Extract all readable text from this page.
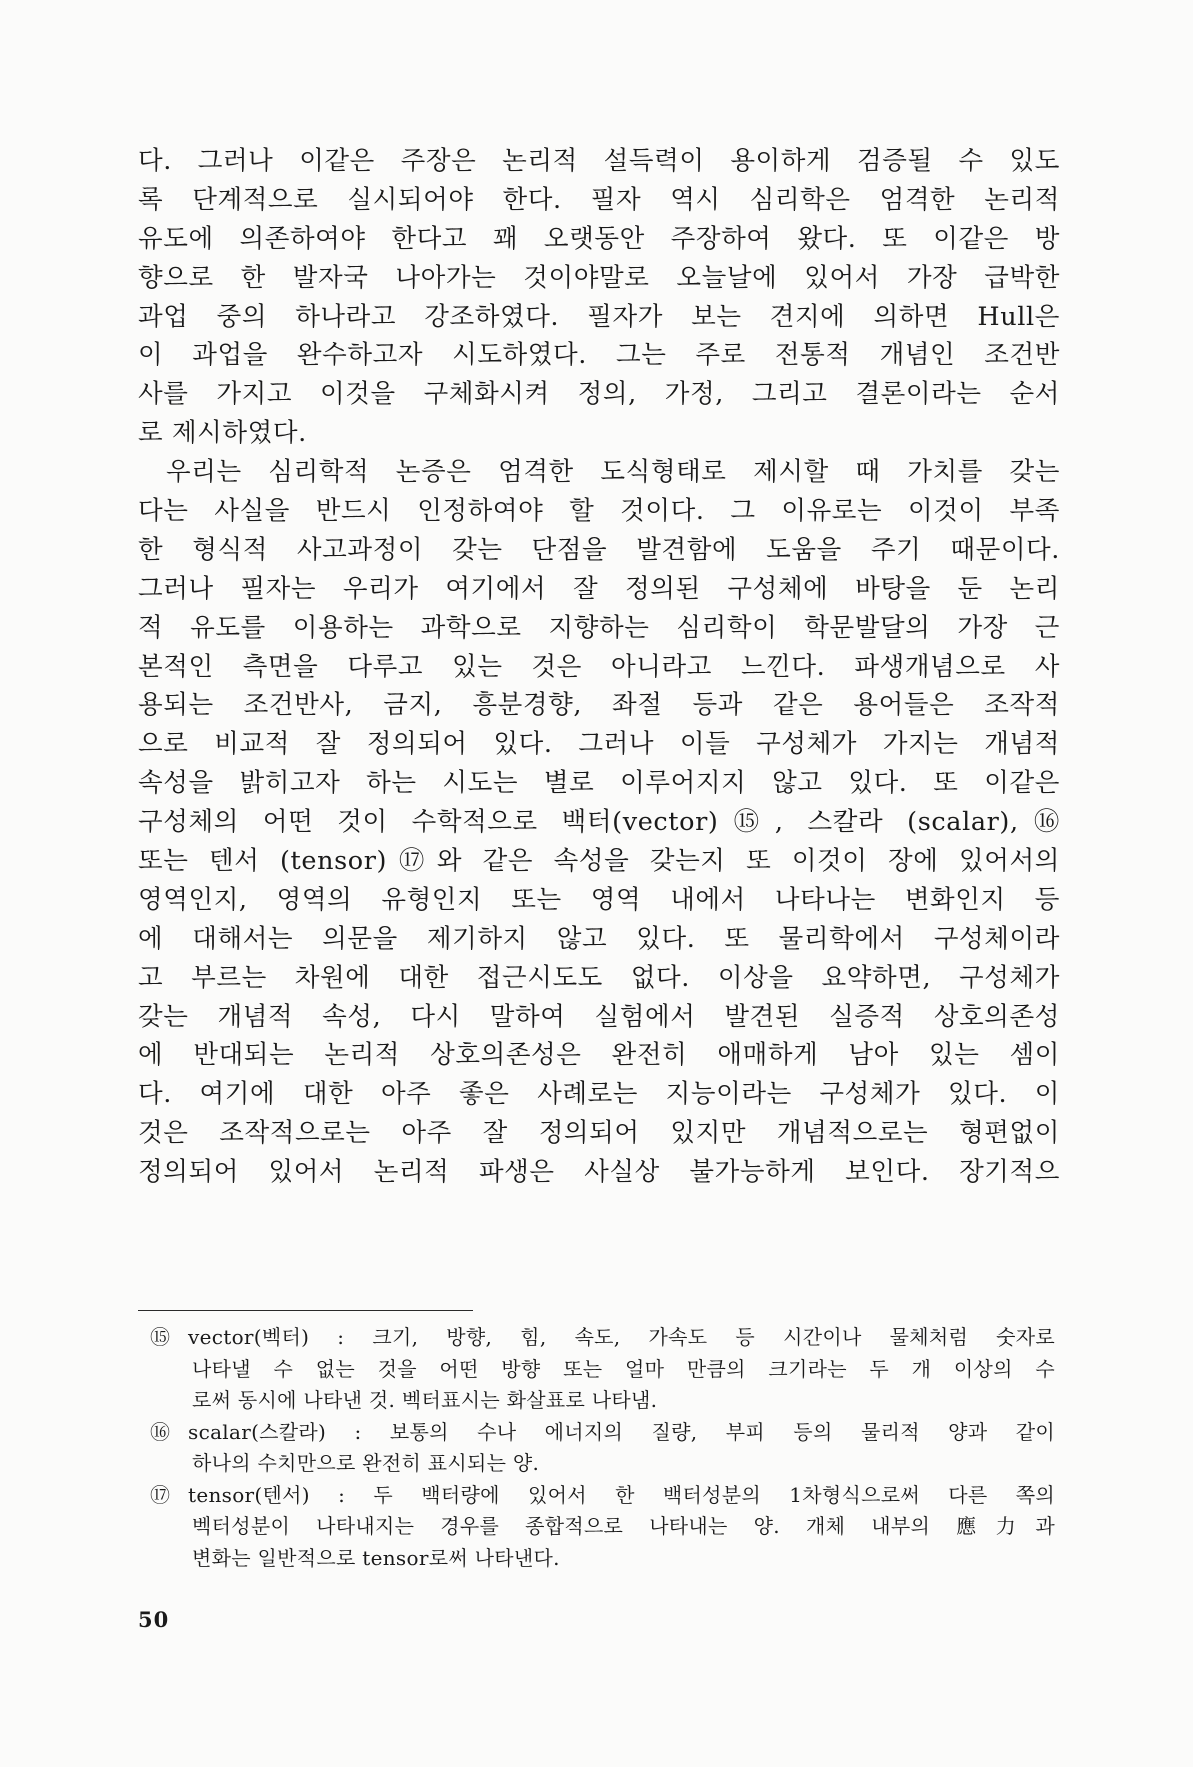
다. 그러나 이같은 주장은 논리적 설득력이 용이하게 검증될 수 있도
록 단계적으로 실시되어야 한다. 필자 역시 심리학은 엄격한 논리적
유도에 의존하여야 한다고 꽤 오랫동안 주장하여 왔다. 또 이같은 방
향으로 한 발자국 나아가는 것이야말로 오늘날에 있어서 가장 급박한
과업 중의 하나라고 강조하였다. 필자가 보는 견지에 의하면 Hull은
이 과업을 완수하고자 시도하였다. 그는 주로 전통적 개념인 조건반
사를 가지고 이것을 구체화시켜 정의, 가정, 그리고 결론이라는 순서
로 제시하였다.
우리는 심리학적 논증은 엄격한 도식형태로 제시할 때 가치를 갖는
다는 사실을 반드시 인정하여야 할 것이다. 그 이유로는 이것이 부족
한 형식적 사고과정이 갖는 단점을 발견함에 도움을 주기 때문이다.
그러나 필자는 우리가 여기에서 잘 정의된 구성체에 바탕을 둔 논리
적 유도를 이용하는 과학으로 지향하는 심리학이 학문발달의 가장 근
본적인 측면을 다루고 있는 것은 아니라고 느낀다. 파생개념으로 사
용되는 조건반사, 금지, 흥분경향, 좌절 등과 같은 용어들은 조작적
으로 비교적 잘 정의되어 있다. 그러나 이들 구성체가 가지는 개념적
속성을 밝히고자 하는 시도는 별로 이루어지지 않고 있다. 또 이같은
구성체의 어떤 것이 수학적으로 백터(vector)⑮, 스칼라 (scalar),⑯
또는 텐서 (tensor)⑰와 같은 속성을 갖는지 또 이것이 장에 있어서의
영역인지, 영역의 유형인지 또는 영역 내에서 나타나는 변화인지 등
에 대해서는 의문을 제기하지 않고 있다. 또 물리학에서 구성체이라
고 부르는 차원에 대한 접근시도도 없다. 이상을 요약하면, 구성체가
갖는 개념적 속성, 다시 말하여 실험에서 발견된 실증적 상호의존성
에 반대되는 논리적 상호의존성은 완전히 애매하게 남아 있는 셈이
다. 여기에 대한 아주 좋은 사례로는 지능이라는 구성체가 있다. 이
것은 조작적으로는 아주 잘 정의되어 있지만 개념적으로는 형편없이
정의되어 있어서 논리적 파생은 사실상 불가능하게 보인다. 장기적으
⑮ vector(벡터) : 크기, 방향, 힘, 속도, 가속도 등 시간이나 물체처럼 숫자로
나타낼 수 없는 것을 어떤 방향 또는 얼마 만큼의 크기라는 두 개 이상의 수
로써 동시에 나타낸 것. 벡터표시는 화살표로 나타냄.
⑯ scalar(스칼라) : 보통의 수나 에너지의 질량, 부피 등의 물리적 양과 같이
하나의 수치만으로 완전히 표시되는 양.
⑰ tensor(텐서) : 두 백터량에 있어서 한 백터성분의 1차형식으로써 다른 쪽의
벡터성분이 나타내지는 경우를 종합적으로 나타내는 양. 개체 내부의 應力과
변화는 일반적으로 tensor로써 나타낸다.
50
